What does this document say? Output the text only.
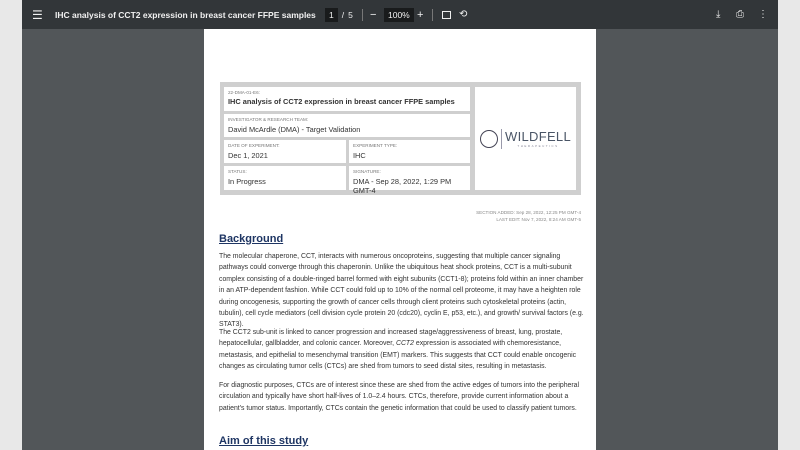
☰ IHC analysis of CCT2 expression in breast cancer FFPE samples	1 / 5 −	100% +	⟲	⤓ ⎙ ⋮
22-DMA-01-E6:
IHC analysis of CCT2 expression in breast cancer FFPE samples
INVESTIGATOR & RESEARCH TEAM:
David McArdle (DMA) - Target Validation
DATE OF EXPERIMENT:
Dec 1, 2021
EXPERIMENT TYPE:
IHC
STATUS:
In Progress
SIGNATURE:
DMA - Sep 28, 2022, 1:29 PM GMT-4
WILDFELL
THERAPEUTICS
SECTION ADDED: Sep 28, 2022, 12:25 PM GMT-4
LAST EDIT: Nov 7, 2022, 8:24 AM GMT-5
Background

The molecular chaperone, CCT, interacts with numerous oncoproteins, suggesting that multiple cancer signaling pathways could converge through this chaperonin. Unlike the ubiquitous heat shock proteins, CCT is a multi-subunit complex consisting of a double-ringed barrel formed with eight subunits (CCT1-8); proteins fold within an inner chamber in an ATP-dependent fashion. While CCT could fold up to 10% of the normal cell proteome, it may have a heighten role during oncogenesis, supporting the growth of cancer cells through client proteins such cytoskeletal proteins (actin, tubulin), cell cycle mediators (cell division cycle protein 20 (cdc20), cyclin E, p53, etc.), and growth/ survival factors (e.g. STAT3).

The CCT2 sub-unit is linked to cancer progression and increased stage/aggressiveness of breast, lung, prostate, hepatocellular, gallbladder, and colonic cancer. Moreover, CCT2 expression is associated with chemoresistance, metastasis, and epithelial to mesenchymal transition (EMT) markers. This suggests that CCT could enable oncogenic changes as circulating tumor cells (CTCs) are shed from tumors to seed distal sites, resulting in metastasis.

For diagnostic purposes, CTCs are of interest since these are shed from the active edges of tumors into the peripheral circulation and typically have short half-lives of 1.0–2.4 hours. CTCs, therefore, provide current information about a patient's tumor status. Importantly, CTCs contain the genetic information that could be used to classify patient tumors.

Aim of this study
